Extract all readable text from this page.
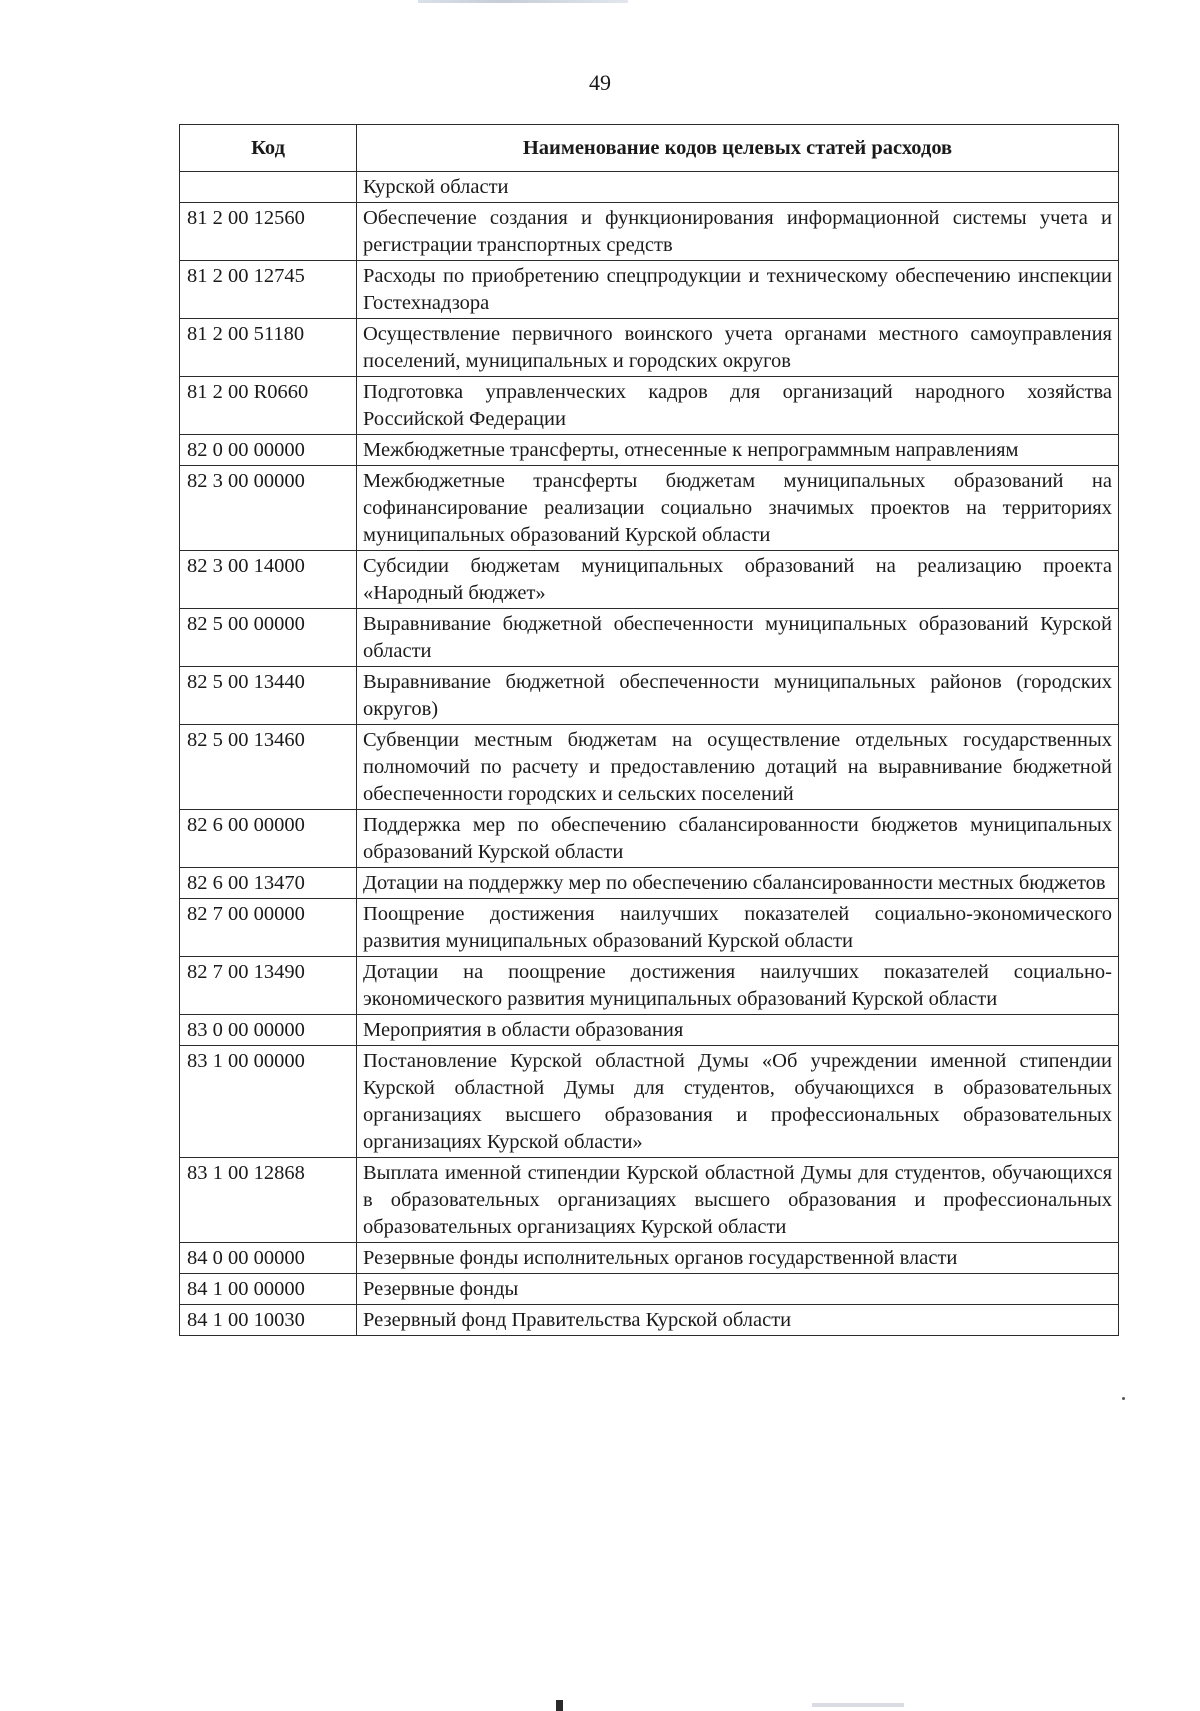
49
Код	Наименование кодов целевых статей расходов
	Курской области
81 2 00 12560	Обеспечение создания и функционирования информационной системы учета и регистрации транспортных средств
81 2 00 12745	Расходы по приобретению спецпродукции и техническому обеспечению инспекции Гостехнадзора
81 2 00 51180	Осуществление первичного воинского учета органами местного самоуправления поселений, муниципальных и городских округов
81 2 00 R0660	Подготовка управленческих кадров для организаций народного хозяйства Российской Федерации
82 0 00 00000	Межбюджетные трансферты, отнесенные к непрограммным направлениям
82 3 00 00000	Межбюджетные трансферты бюджетам муниципальных образований на софинансирование реализации социально значимых проектов на территориях муниципальных образований Курской области
82 3 00 14000	Субсидии бюджетам муниципальных образований на реализацию проекта «Народный бюджет»
82 5 00 00000	Выравнивание бюджетной обеспеченности муниципальных образований Курской области
82 5 00 13440	Выравнивание бюджетной обеспеченности муниципальных районов (городских округов)
82 5 00 13460	Субвенции местным бюджетам на осуществление отдельных государственных полномочий по расчету и предоставлению дотаций на выравнивание бюджетной обеспеченности городских и сельских поселений
82 6 00 00000	Поддержка мер по обеспечению сбалансированности бюджетов муниципальных образований Курской области
82 6 00 13470	Дотации на поддержку мер по обеспечению сбалансированности местных бюджетов
82 7 00 00000	Поощрение достижения наилучших показателей социально-экономического развития муниципальных образований Курской области
82 7 00 13490	Дотации на поощрение достижения наилучших показателей социально-экономического развития муниципальных образований Курской области
83 0 00 00000	Мероприятия в области образования
83 1 00 00000	Постановление Курской областной Думы «Об учреждении именной стипендии Курской областной Думы для студентов, обучающихся в образовательных организациях высшего образования и профессиональных образовательных организациях Курской области»
83 1 00 12868	Выплата именной стипендии Курской областной Думы для студентов, обучающихся в образовательных организациях высшего образования и профессиональных образовательных организациях Курской области
84 0 00 00000	Резервные фонды исполнительных органов государственной власти
84 1 00 00000	Резервные фонды
84 1 00 10030	Резервный фонд Правительства Курской области
